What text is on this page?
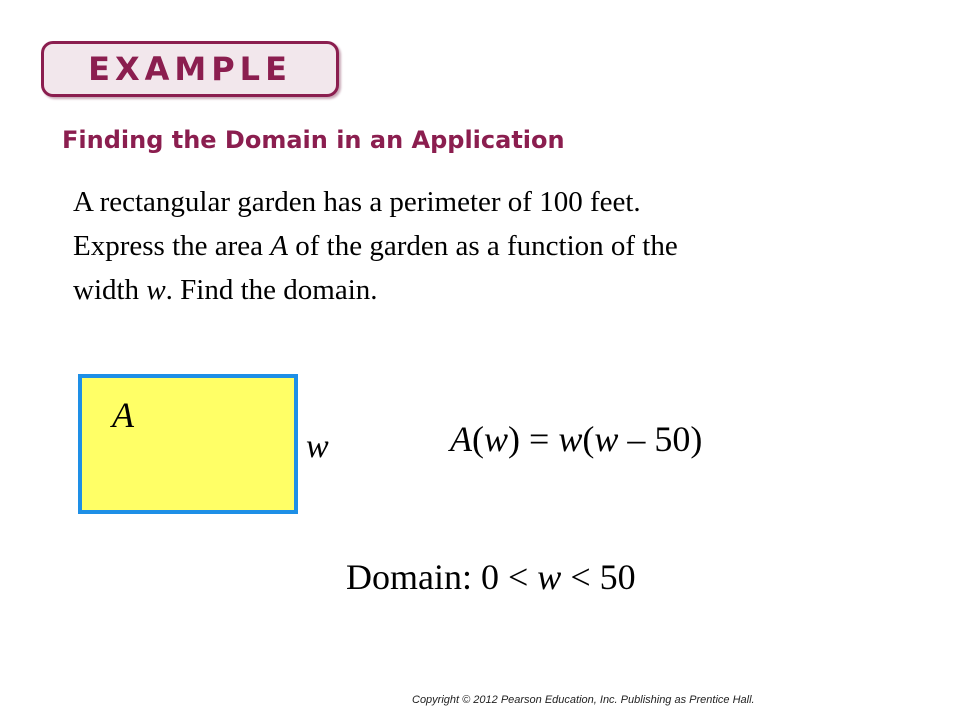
EXAMPLE
Finding the Domain in an Application
A rectangular garden has a perimeter of 100 feet.
Express the area A of the garden as a function of the
width w. Find the domain.
A
w	A(w) = w(w – 50)
Domain: 0 < w < 50
Copyright © 2012 Pearson Education, Inc. Publishing as Prentice Hall.
